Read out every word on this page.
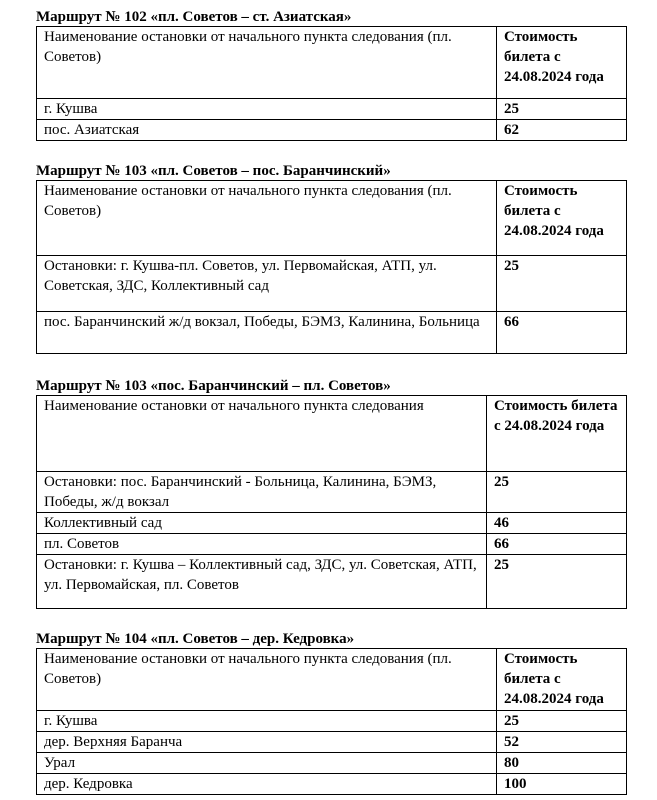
Маршрут № 102 «пл. Советов – ст. Азиатская»
Наименование остановки от начального пункта следования (пл. Советов)	Стоимость билета с 24.08.2024 года
г. Кушва	25
пос. Азиатская	62
Маршрут № 103 «пл. Советов – пос. Баранчинский»
Наименование остановки от начального пункта следования (пл. Советов)	Стоимость билета с 24.08.2024 года
Остановки: г. Кушва-пл. Советов, ул. Первомайская, АТП, ул. Советская, ЗДС, Коллективный сад	25
пос. Баранчинский ж/д вокзал, Победы, БЭМЗ, Калинина, Больница	66
Маршрут № 103 «пос. Баранчинский – пл. Советов»
Наименование остановки от начального пункта следования	Стоимость билета с 24.08.2024 года
Остановки: пос. Баранчинский - Больница, Калинина, БЭМЗ, Победы, ж/д вокзал	25
Коллективный сад	46
пл. Советов	66
Остановки: г. Кушва – Коллективный сад, ЗДС, ул. Советская, АТП, ул. Первомайская, пл. Советов	25
Маршрут № 104 «пл. Советов – дер. Кедровка»
Наименование остановки от начального пункта следования (пл. Советов)	Стоимость билета с 24.08.2024 года
г. Кушва	25
дер. Верхняя Баранча	52
Урал	80
дер. Кедровка	100
